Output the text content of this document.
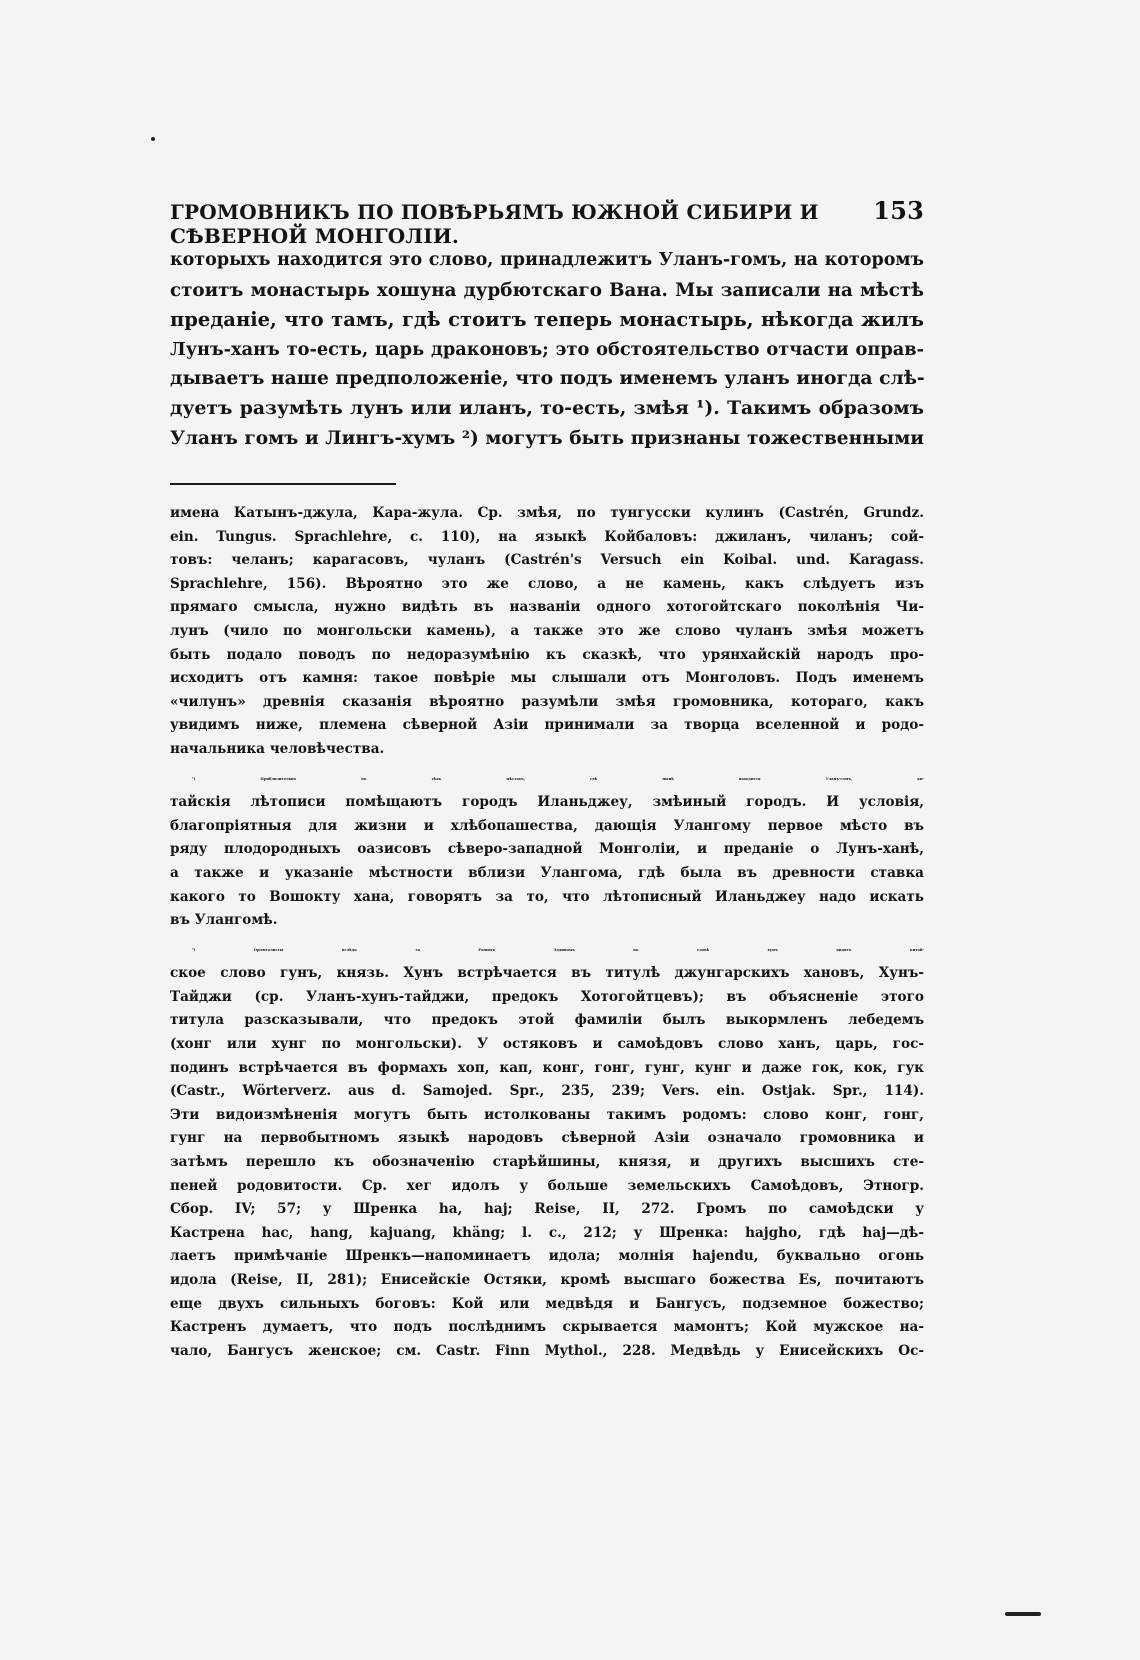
ГРОМОВНИКЪ ПО ПОВѢРЬЯМЪ ЮЖНОЙ СИБИРИ И СѢВЕРНОЙ МОНГОЛІИ.
153
которыхъ находится это слово, принадлежитъ Уланъ-гомъ, на которомъ
стоитъ монастырь хошуна дурбютскаго Вана. Мы записали на мѣстѣ
преданіе, что тамъ, гдѣ стоитъ теперь монастырь, нѣкогда жилъ
Лунъ-ханъ то-есть, царь драконовъ; это обстоятельство отчасти оправ-
дываетъ наше предположеніе, что подъ именемъ уланъ иногда слѣ-
дуетъ разумѣть лунъ или иланъ, то-есть, змѣя ¹). Такимъ образомъ
Уланъ гомъ и Лингъ-хумъ ²) могутъ быть признаны тожественными
имена Катынъ-джула, Кара-жула. Ср. змѣя, по тунгусски кулинъ (Castrén, Grundz.
ein. Tungus. Sprachlehre, с. 110), на языкѣ Койбаловъ: джиланъ, чиланъ; сой-
товъ: челанъ; карагасовъ, чуланъ (Castrén's Versuch ein Koibal. und. Karagass.
Sprachlehre, 156). Вѣроятно это же слово, а не камень, какъ слѣдуетъ изъ
прямаго смысла, нужно видѣть въ названіи одного хотогойтскаго поколѣнія Чи-
лунъ (чило по монгольски камень), а также это же слово чуланъ змѣя можетъ
быть подало поводъ по недоразумѣнію къ сказкѣ, что урянхайскій народъ про-
исходитъ отъ камня: такое повѣріе мы слышали отъ Монголовъ. Подъ именемъ
«чилунъ» древнія сказанія вѣроятно разумѣли змѣя громовника, котораго, какъ
увидимъ ниже, племена сѣверной Азіи принимали за творца вселенной и родо-
начальника человѣчества.
¹) Приблизительно въ тѣхъ мѣстахъ, гдѣ нынѣ находится Уланъ-гомъ, ки-
тайскія лѣтописи помѣщаютъ городъ Иланьджеу, змѣиный городъ. И условія,
благопріятныя для жизни и хлѣбопашества, дающія Улангому первое мѣсто въ
ряду плодородныхъ оазисовъ сѣверо-западной Монголіи, и преданіе о Лунъ-ханѣ,
а также и указаніе мѣстности вблизи Улангома, гдѣ была въ древности ставка
какого то Вошокту хана, говорятъ за то, что лѣтописный Иланьджеу надо искать
въ Улангомѣ.
²) Оріенталисты вслѣдъ за Рашидъ Эддиномъ въ словѣ хумъ видятъ китай-
ское слово гунъ, князь. Хунъ встрѣчается въ титулѣ джунгарскихъ хановъ, Хунъ-
Тайджи (ср. Уланъ-хунъ-тайджи, предокъ Хотогойтцевъ); въ объясненіе этого
титула разсказывали, что предокъ этой фамиліи былъ выкормленъ лебедемъ
(хонг или хунг по монгольски). У остяковъ и самоѣдовъ слово ханъ, царь, гос-
подинъ встрѣчается въ формахъ хоп, кап, конг, гонг, гунг, кунг и даже гок, кок, гук
(Castr., Wörterverz. aus d. Samojed. Spr., 235, 239; Vers. ein. Ostjak. Spr., 114).
Эти видоизмѣненія могутъ быть истолкованы такимъ родомъ: слово конг, гонг,
гунг на первобытномъ языкѣ народовъ сѣверной Азіи означало громовника и
затѣмъ перешло къ обозначенію старѣйшины, князя, и другихъ высшихъ сте-
пеней родовитости. Ср. хег идолъ у больше земельскихъ Самоѣдовъ, Этногр.
Сбор. IV; 57; у Шренка ha, haj; Reise, II, 272. Громъ по самоѣдски у
Кастрена hac, hang, kajuang, khäng; l. c., 212; у Шренка: hajgho, гдѣ haj—дѣ-
лаетъ примѣчаніе Шренкъ—напоминаетъ идола; молнія hajendu, буквально огонь
идола (Reise, II, 281); Енисейскіе Остяки, кромѣ высшаго божества Es, почитаютъ
еще двухъ сильныхъ боговъ: Кой или медвѣдя и Бангусъ, подземное божество;
Кастренъ думаетъ, что подъ послѣднимъ скрывается мамонтъ; Кой мужское на-
чало, Бангусъ женское; см. Castr. Finn Mythol., 228. Медвѣдь у Енисейскихъ Ос-
